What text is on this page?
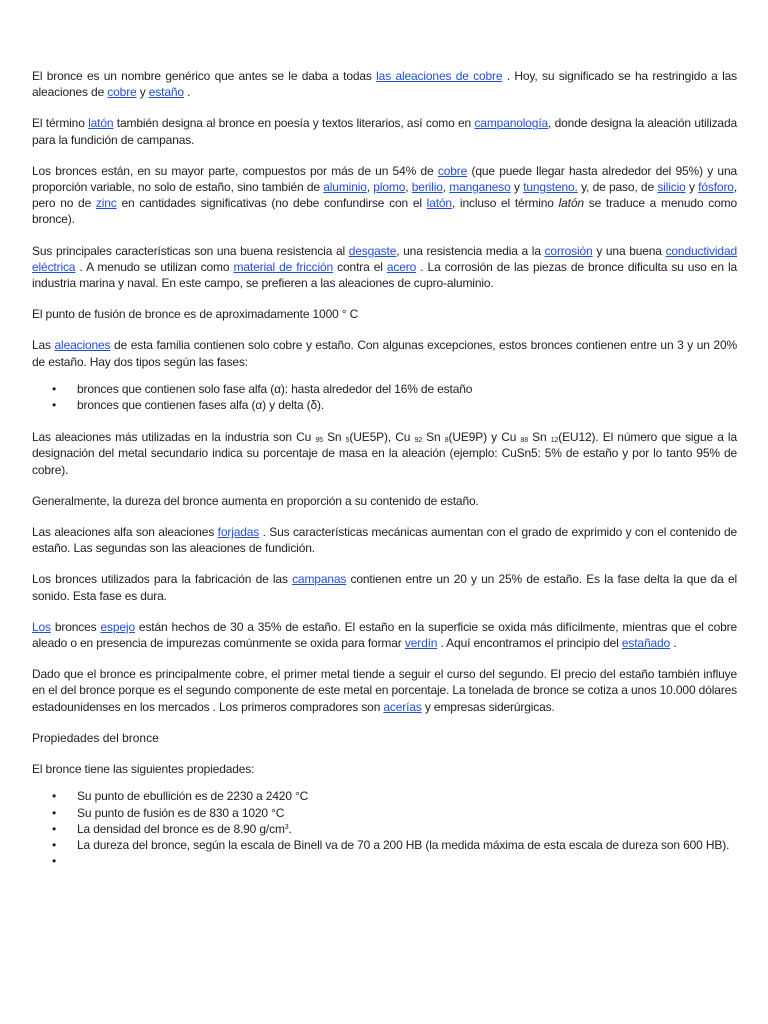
El bronce es un nombre genérico que antes se le daba a todas las aleaciones de cobre . Hoy, su significado se ha restringido a las aleaciones de cobre y estaño .

El término latón también designa al bronce en poesía y textos literarios, así como en campanología, donde designa la aleación utilizada para la fundición de campanas.

Los bronces están, en su mayor parte, compuestos por más de un 54% de cobre (que puede llegar hasta alrededor del 95%) y una proporción variable, no solo de estaño, sino también de aluminio, plomo, berilio, manganeso y tungsteno. y, de paso, de silicio y fósforo, pero no de zinc en cantidades significativas (no debe confundirse con el latón, incluso el término latón se traduce a menudo como bronce).

Sus principales características son una buena resistencia al desgaste, una resistencia media a la corrosión y una buena conductividad eléctrica . A menudo se utilizan como material de fricción contra el acero . La corrosión de las piezas de bronce dificulta su uso en la industria marina y naval. En este campo, se prefieren a las aleaciones de cupro-aluminio.

El punto de fusión de bronce es de aproximadamente 1000 ° C

Las aleaciones de esta familia contienen solo cobre y estaño. Con algunas excepciones, estos bronces contienen entre un 3 y un 20% de estaño. Hay dos tipos según las fases:

• bronces que contienen solo fase alfa (α): hasta alrededor del 16% de estaño
• bronces que contienen fases alfa (α) y delta (δ).

Las aleaciones más utilizadas en la industria son Cu $_{95}$ Sn $_5$(UE5P), Cu $_{92}$ Sn $_8$(UE9P) y Cu $_{88}$ Sn $_{12}$(EU12). El número que sigue a la designación del metal secundario indica su porcentaje de masa en la aleación (ejemplo: CuSn5: 5% de estaño y por lo tanto 95% de cobre).

Generalmente, la dureza del bronce aumenta en proporción a su contenido de estaño.

Las aleaciones alfa son aleaciones forjadas . Sus características mecánicas aumentan con el grado de exprimido y con el contenido de estaño. Las segundas son las aleaciones de fundición.

Los bronces utilizados para la fabricación de las campanas contienen entre un 20 y un 25% de estaño. Es la fase delta la que da el sonido. Esta fase es dura.

Los bronces espejo están hechos de 30 a 35% de estaño. El estaño en la superficie se oxida más difícilmente, mientras que el cobre aleado o en presencia de impurezas comúnmente se oxida para formar verdín . Aquí encontramos el principio del estañado .

Dado que el bronce es principalmente cobre, el primer metal tiende a seguir el curso del segundo. El precio del estaño también influye en el del bronce porque es el segundo componente de este metal en porcentaje. La tonelada de bronce se cotiza a unos 10.000 dólares estadounidenses en los mercados . Los primeros compradores son acerías y empresas siderúrgicas.

Propiedades del bronce

El bronce tiene las siguientes propiedades:

• Su punto de ebullición es de 2230 a 2420 °C
• Su punto de fusión es de 830 a 1020 °C
• La densidad del bronce es de 8.90 $g/cm^3$.
• La dureza del bronce, según la escala de Binell va de 70 a 200 HB (la medida máxima de esta escala de dureza son 600 HB).
•
